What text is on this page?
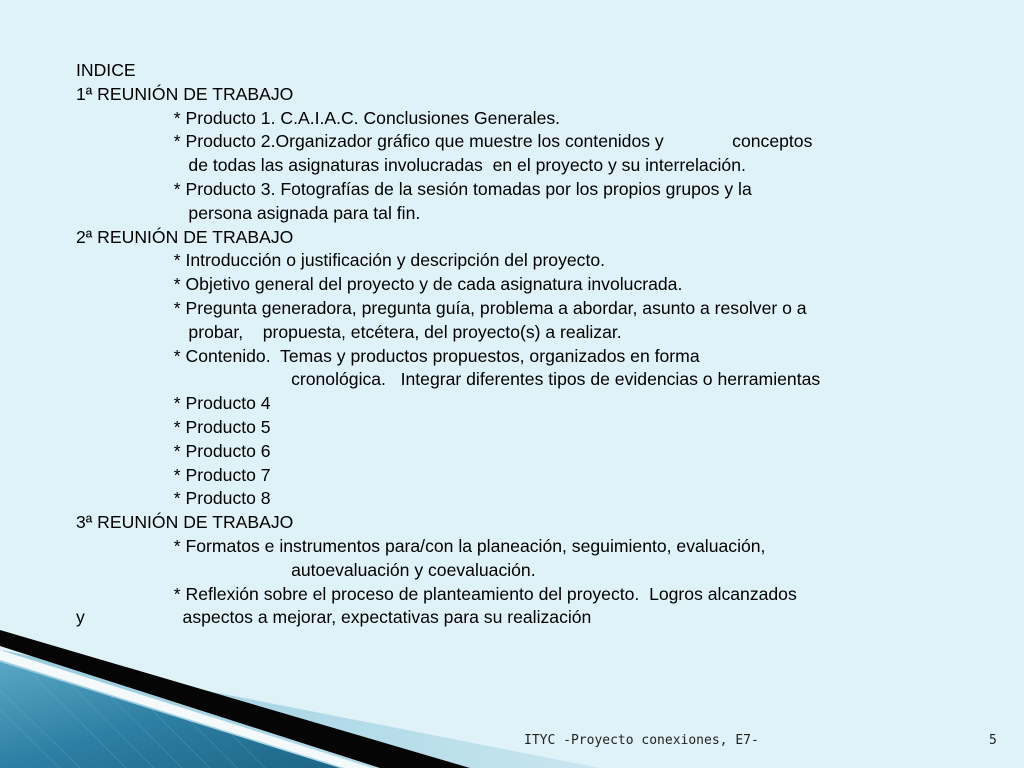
INDICE
1ª REUNIÓN DE TRABAJO
* Producto 1. C.A.I.A.C. Conclusiones Generales.
* Producto 2.Organizador gráfico que muestre los contenidos y              conceptos
de todas las asignaturas involucradas  en el proyecto y su interrelación.
* Producto 3. Fotografías de la sesión tomadas por los propios grupos y la
persona asignada para tal fin.
2ª REUNIÓN DE TRABAJO
* Introducción o justificación y descripción del proyecto.
* Objetivo general del proyecto y de cada asignatura involucrada.
* Pregunta generadora, pregunta guía, problema a abordar, asunto a resolver o a
probar,    propuesta, etcétera, del proyecto(s) a realizar.
* Contenido.  Temas y productos propuestos, organizados en forma
cronológica.   Integrar diferentes tipos de evidencias o herramientas
* Producto 4
* Producto 5
* Producto 6
* Producto 7
* Producto 8
3ª REUNIÓN DE TRABAJO
* Formatos e instrumentos para/con la planeación, seguimiento, evaluación,
autoevaluación y coevaluación.
* Reflexión sobre el proceso de planteamiento del proyecto.  Logros alcanzados
y                    aspectos a mejorar, expectativas para su realización
ITYC -Proyecto conexiones, E7-	5
